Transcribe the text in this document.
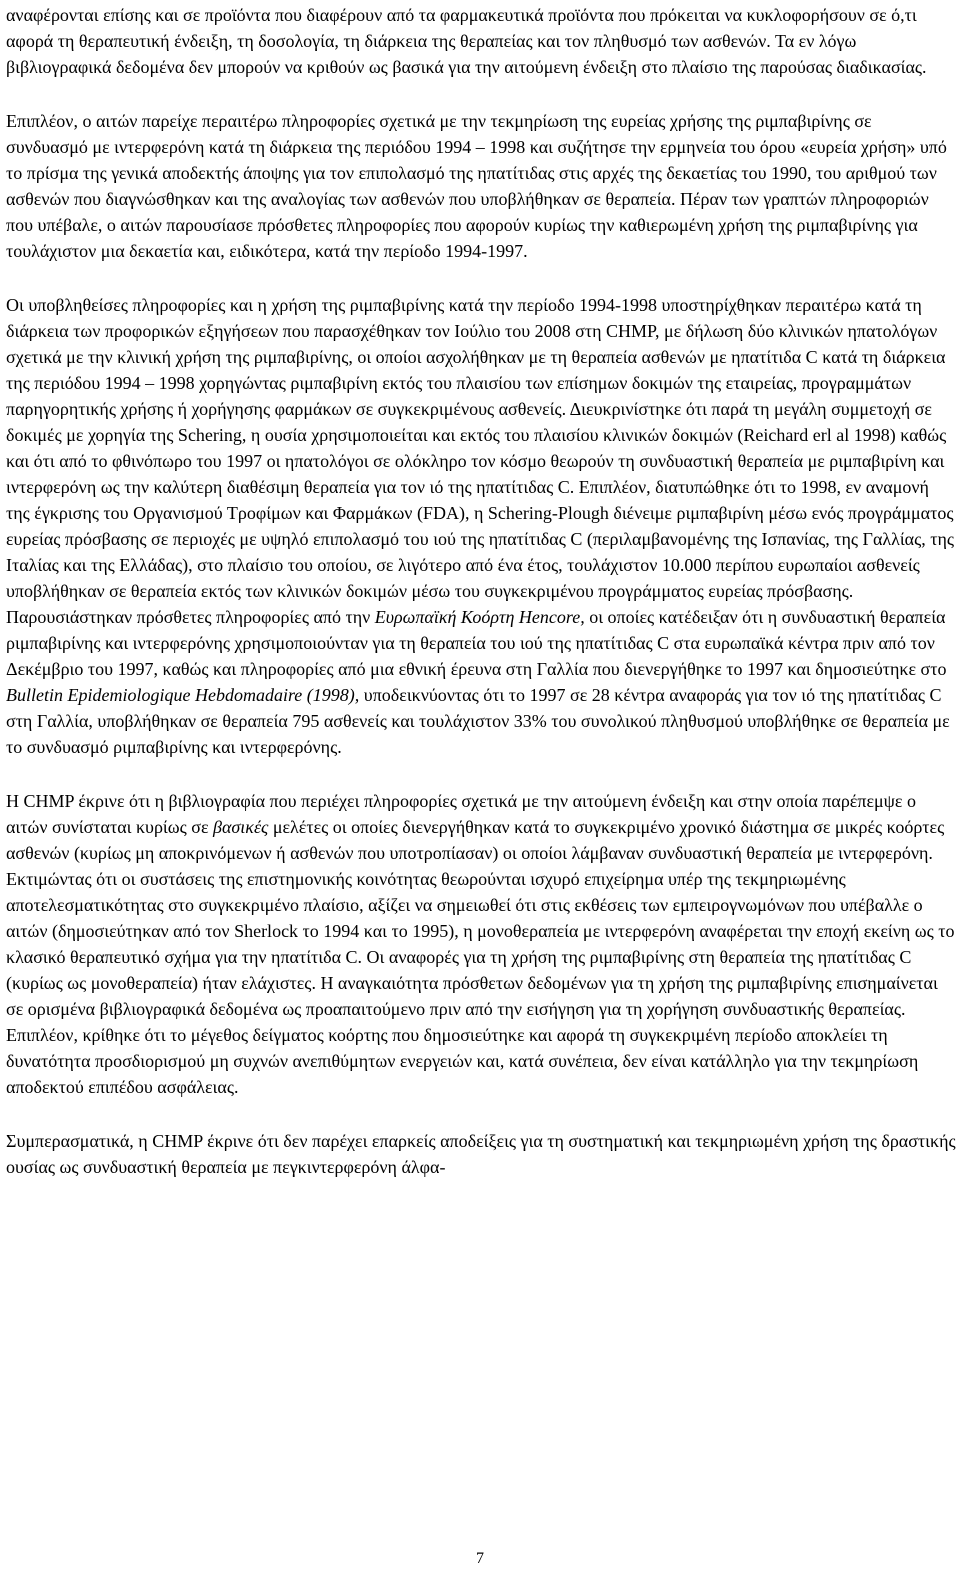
αναφέρονται επίσης και σε προϊόντα που διαφέρουν από τα φαρμακευτικά προϊόντα που πρόκειται να κυκλοφορήσουν σε ό,τι αφορά τη θεραπευτική ένδειξη, τη δοσολογία, τη διάρκεια της θεραπείας και τον πληθυσμό των ασθενών. Τα εν λόγω βιβλιογραφικά δεδομένα δεν μπορούν να κριθούν ως βασικά για την αιτούμενη ένδειξη στο πλαίσιο της παρούσας διαδικασίας.

Επιπλέον, ο αιτών παρείχε περαιτέρω πληροφορίες σχετικά με την τεκμηρίωση της ευρείας χρήσης της ριμπαβιρίνης σε συνδυασμό με ιντερφερόνη κατά τη διάρκεια της περιόδου 1994 – 1998 και συζήτησε την ερμηνεία του όρου «ευρεία χρήση» υπό το πρίσμα της γενικά αποδεκτής άποψης για τον επιπολασμό της ηπατίτιδας στις αρχές της δεκαετίας του 1990, του αριθμού των ασθενών που διαγνώσθηκαν και της αναλογίας των ασθενών που υποβλήθηκαν σε θεραπεία. Πέραν των γραπτών πληροφοριών που υπέβαλε, ο αιτών παρουσίασε πρόσθετες πληροφορίες που αφορούν κυρίως την καθιερωμένη χρήση της ριμπαβιρίνης για τουλάχιστον μια δεκαετία και, ειδικότερα, κατά την περίοδο 1994-1997.

Οι υποβληθείσες πληροφορίες και η χρήση της ριμπαβιρίνης κατά την περίοδο 1994-1998 υποστηρίχθηκαν περαιτέρω κατά τη διάρκεια των προφορικών εξηγήσεων που παρασχέθηκαν τον Ιούλιο του 2008 στη CHMP, με δήλωση δύο κλινικών ηπατολόγων σχετικά με την κλινική χρήση της ριμπαβιρίνης, οι οποίοι ασχολήθηκαν με τη θεραπεία ασθενών με ηπατίτιδα C κατά τη διάρκεια της περιόδου 1994 – 1998 χορηγώντας ριμπαβιρίνη εκτός του πλαισίου των επίσημων δοκιμών της εταιρείας, προγραμμάτων παρηγορητικής χρήσης ή χορήγησης φαρμάκων σε συγκεκριμένους ασθενείς. Διευκρινίστηκε ότι παρά τη μεγάλη συμμετοχή σε δοκιμές με χορηγία της Schering, η ουσία χρησιμοποιείται και εκτός του πλαισίου κλινικών δοκιμών (Reichard erl al 1998) καθώς και ότι από το φθινόπωρο του 1997 οι ηπατολόγοι σε ολόκληρο τον κόσμο θεωρούν τη συνδυαστική θεραπεία με ριμπαβιρίνη και ιντερφερόνη ως την καλύτερη διαθέσιμη θεραπεία για τον ιό της ηπατίτιδας C. Επιπλέον, διατυπώθηκε ότι το 1998, εν αναμονή της έγκρισης του Οργανισμού Τροφίμων και Φαρμάκων (FDA), η Schering-Plough διένειμε ριμπαβιρίνη μέσω ενός προγράμματος ευρείας πρόσβασης σε περιοχές με υψηλό επιπολασμό του ιού της ηπατίτιδας C (περιλαμβανομένης της Ισπανίας, της Γαλλίας, της Ιταλίας και της Ελλάδας), στο πλαίσιο του οποίου, σε λιγότερο από ένα έτος, τουλάχιστον 10.000 περίπου ευρωπαίοι ασθενείς υποβλήθηκαν σε θεραπεία εκτός των κλινικών δοκιμών μέσω του συγκεκριμένου προγράμματος ευρείας πρόσβασης. Παρουσιάστηκαν πρόσθετες πληροφορίες από την Ευρωπαϊκή Κοόρτη Hencore, οι οποίες κατέδειξαν ότι η συνδυαστική θεραπεία ριμπαβιρίνης και ιντερφερόνης χρησιμοποιούνταν για τη θεραπεία του ιού της ηπατίτιδας C στα ευρωπαϊκά κέντρα πριν από τον Δεκέμβριο του 1997, καθώς και πληροφορίες από μια εθνική έρευνα στη Γαλλία που διενεργήθηκε το 1997 και δημοσιεύτηκε στο Bulletin Epidemiologique Hebdomadaire (1998), υποδεικνύοντας ότι το 1997 σε 28 κέντρα αναφοράς για τον ιό της ηπατίτιδας C στη Γαλλία, υποβλήθηκαν σε θεραπεία 795 ασθενείς και τουλάχιστον 33% του συνολικού πληθυσμού υποβλήθηκε σε θεραπεία με το συνδυασμό ριμπαβιρίνης και ιντερφερόνης.

Η CHMP έκρινε ότι η βιβλιογραφία που περιέχει πληροφορίες σχετικά με την αιτούμενη ένδειξη και στην οποία παρέπεμψε ο αιτών συνίσταται κυρίως σε βασικές μελέτες οι οποίες διενεργήθηκαν κατά το συγκεκριμένο χρονικό διάστημα σε μικρές κοόρτες ασθενών (κυρίως μη αποκρινόμενων ή ασθενών που υποτροπίασαν) οι οποίοι λάμβαναν συνδυαστική θεραπεία με ιντερφερόνη. Εκτιμώντας ότι οι συστάσεις της επιστημονικής κοινότητας θεωρούνται ισχυρό επιχείρημα υπέρ της τεκμηριωμένης αποτελεσματικότητας στο συγκεκριμένο πλαίσιο, αξίζει να σημειωθεί ότι στις εκθέσεις των εμπειρογνωμόνων που υπέβαλλε ο αιτών (δημοσιεύτηκαν από τον Sherlock το 1994 και το 1995), η μονοθεραπεία με ιντερφερόνη αναφέρεται την εποχή εκείνη ως το κλασικό θεραπευτικό σχήμα για την ηπατίτιδα C. Οι αναφορές για τη χρήση της ριμπαβιρίνης στη θεραπεία της ηπατίτιδας C (κυρίως ως μονοθεραπεία) ήταν ελάχιστες. Η αναγκαιότητα πρόσθετων δεδομένων για τη χρήση της ριμπαβιρίνης επισημαίνεται σε ορισμένα βιβλιογραφικά δεδομένα ως προαπαιτούμενο πριν από την εισήγηση για τη χορήγηση συνδυαστικής θεραπείας. Επιπλέον, κρίθηκε ότι το μέγεθος δείγματος κοόρτης που δημοσιεύτηκε και αφορά τη συγκεκριμένη περίοδο αποκλείει τη δυνατότητα προσδιορισμού μη συχνών ανεπιθύμητων ενεργειών και, κατά συνέπεια, δεν είναι κατάλληλο για την τεκμηρίωση αποδεκτού επιπέδου ασφάλειας.

Συμπερασματικά, η CHMP έκρινε ότι δεν παρέχει επαρκείς αποδείξεις για τη συστηματική και τεκμηριωμένη χρήση της δραστικής ουσίας ως συνδυαστική θεραπεία με πεγκιντερφερόνη άλφα-

7
